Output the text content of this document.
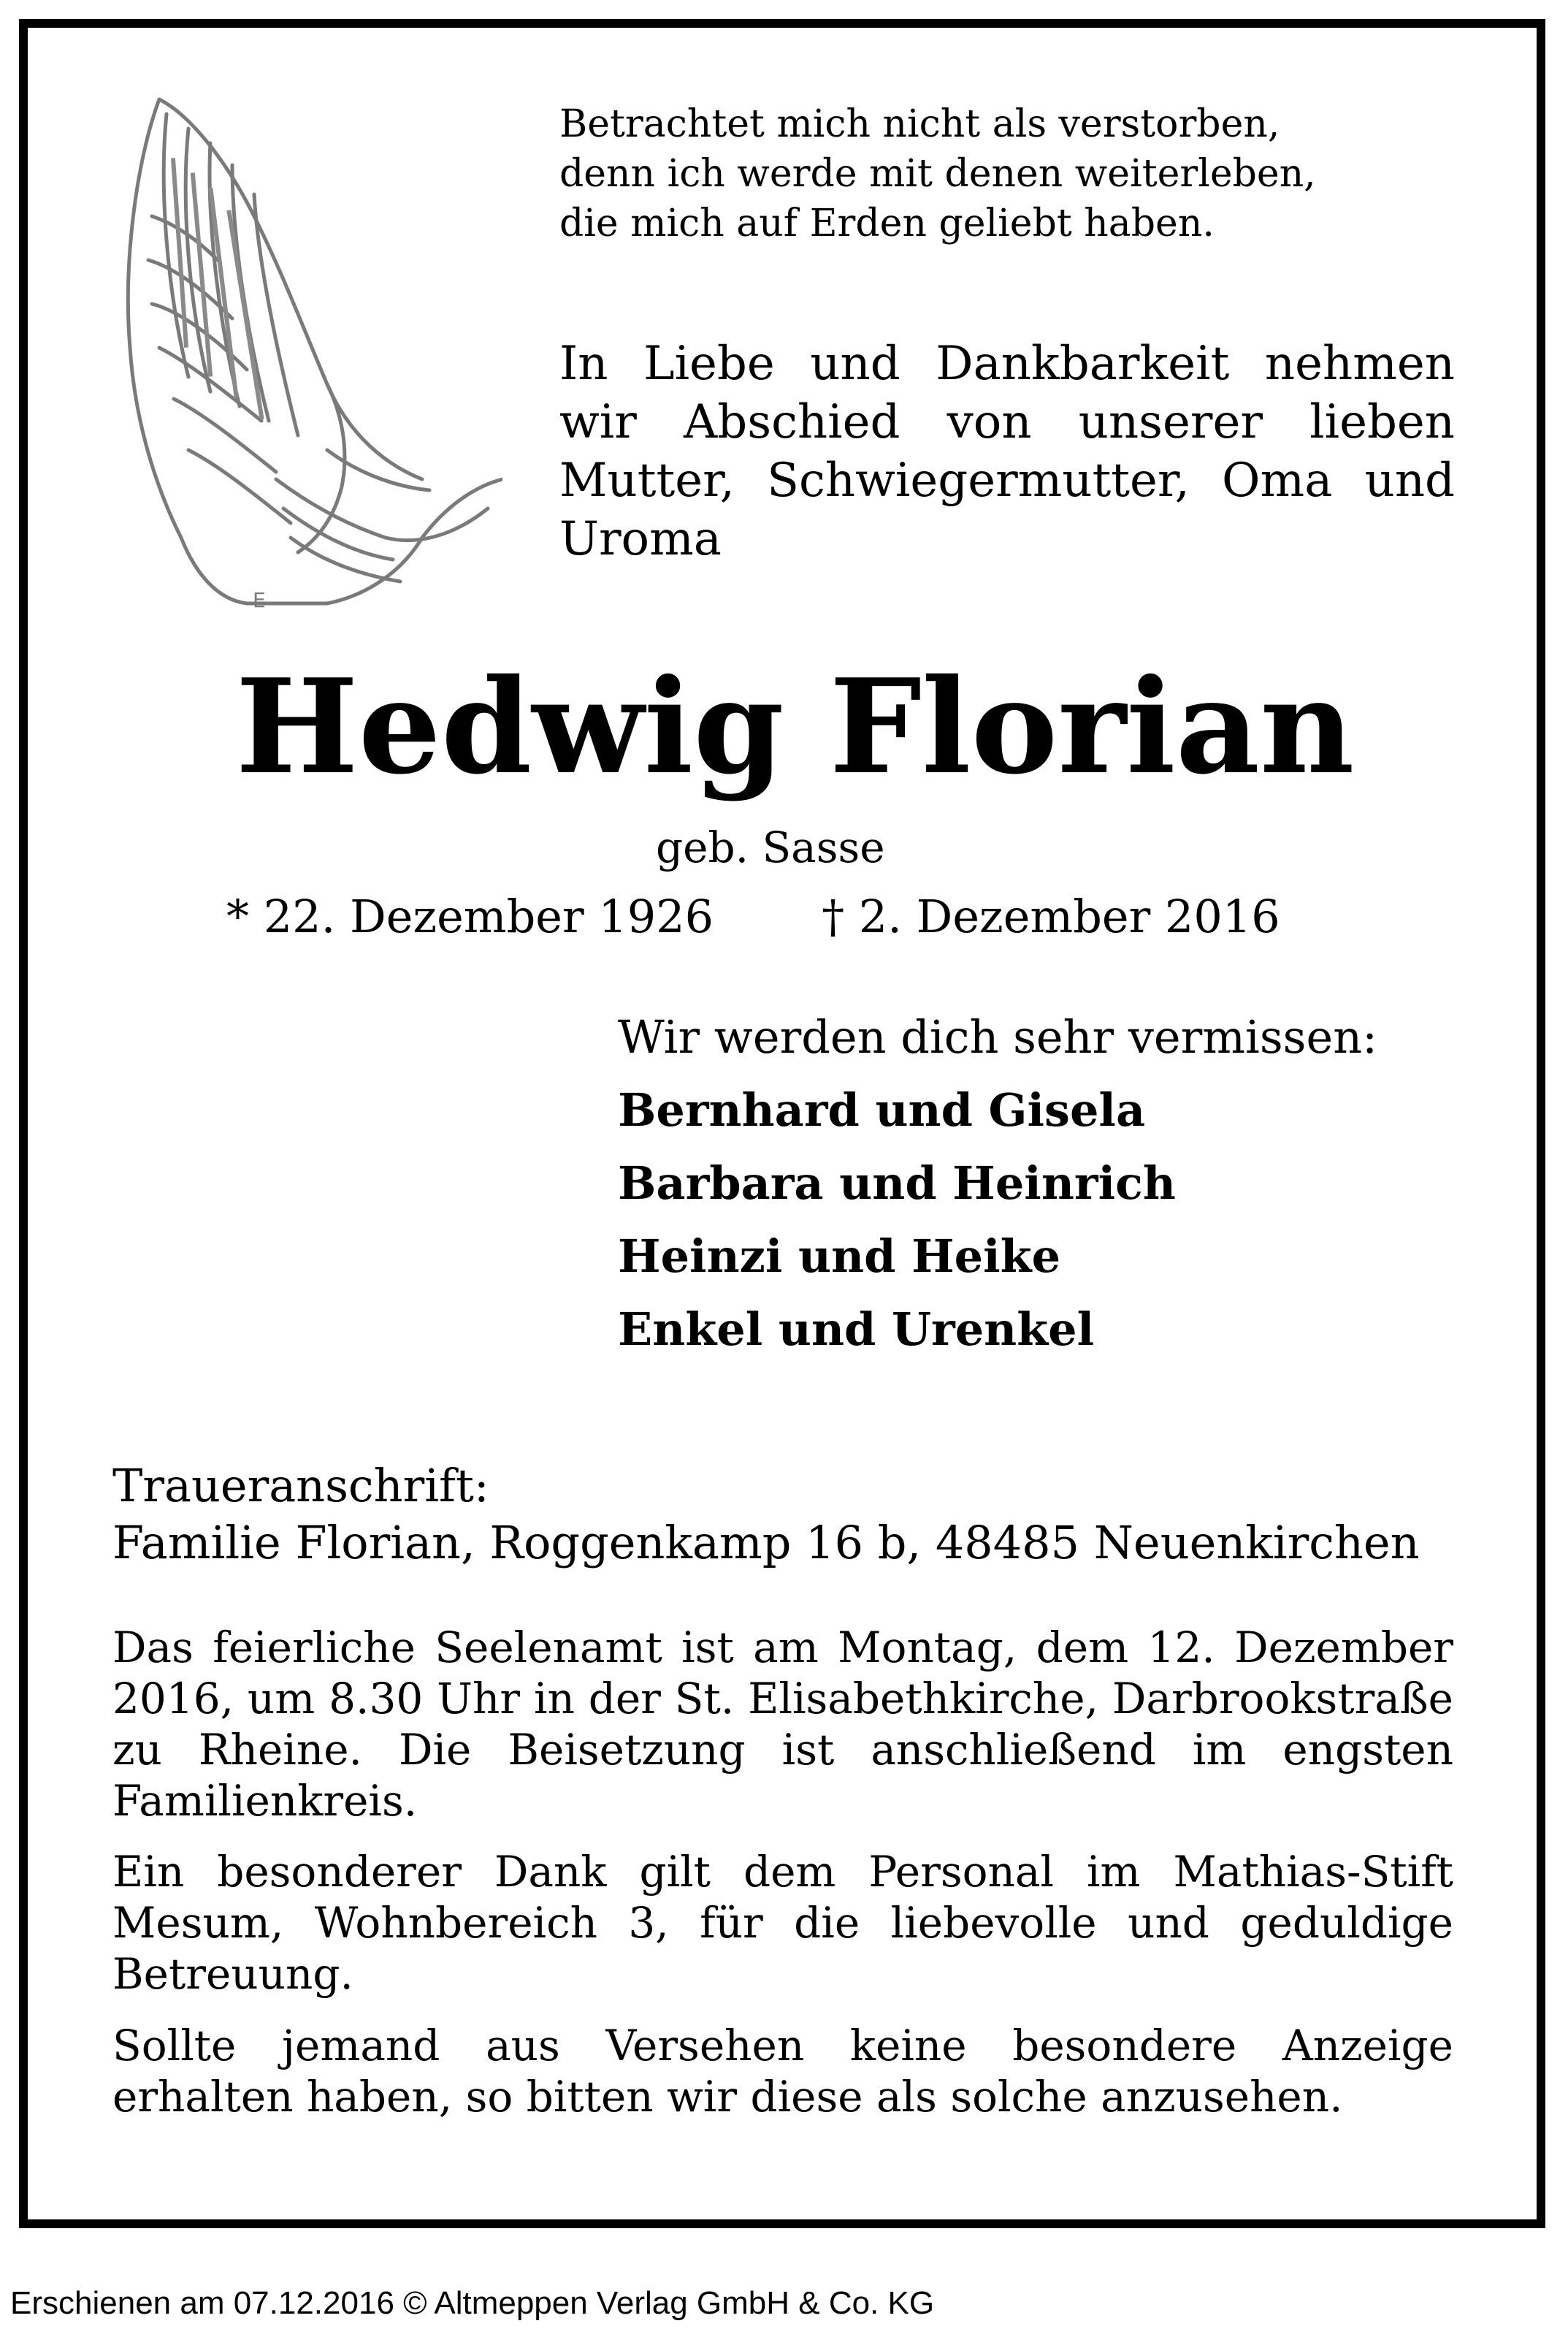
E
Betrachtet mich nicht als verstorben,
denn ich werde mit denen weiterleben,
die mich auf Erden geliebt haben.

In Liebe und Dankbarkeit nehmen wir Abschied von unserer lieben Mutter, Schwiegermutter, Oma und Uroma

Hedwig Florian
geb. Sasse
* 22. Dezember 1926 † 2. Dezember 2016
Wir werden dich sehr vermissen:
Bernhard und Gisela
Barbara und Heinrich
Heinzi und Heike
Enkel und Urenkel
Traueranschrift:
Familie Florian, Roggenkamp 16 b, 48485 Neuenkirchen

Das feierliche Seelenamt ist am Montag, dem 12. Dezember 2016, um 8.30 Uhr in der St. Elisabethkirche, Darbrookstraße zu Rheine. Die Beisetzung ist anschließend im engsten Familienkreis.

Ein besonderer Dank gilt dem Personal im Mathias-Stift Mesum, Wohnbereich 3, für die liebevolle und geduldige Betreuung.

Sollte jemand aus Versehen keine besondere Anzeige erhalten haben, so bitten wir diese als solche anzusehen.

Erschienen am 07.12.2016 © Altmeppen Verlag GmbH & Co. KG
